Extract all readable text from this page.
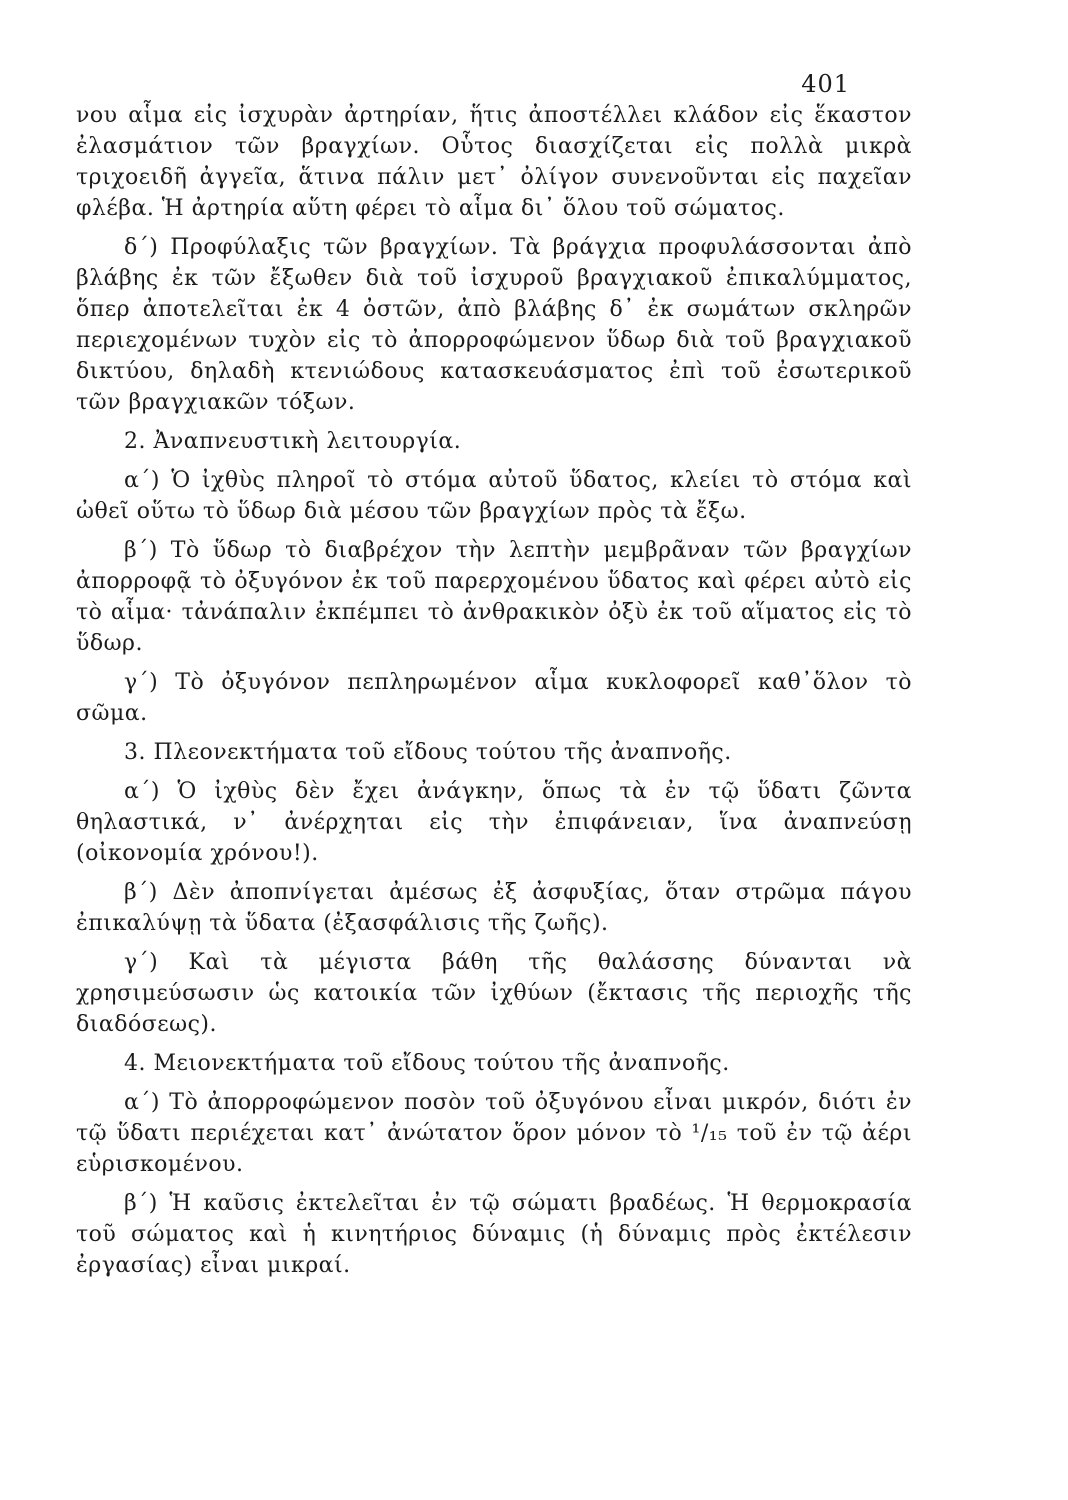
401

νου αἷμα εἰς ἰσχυρὰν ἀρτηρίαν, ἥτις ἀποστέλλει κλάδον εἰς ἕκαστον ἐλασμάτιον τῶν βραγχίων. Οὗτος διασχίζεται εἰς πολλὰ μικρὰ τριχοειδῆ ἀγγεῖα, ἅτινα πάλιν μετ᾽ ὀλίγον συνενοῦνται εἰς παχεῖαν φλέβα. Ἡ ἀρτηρία αὕτη φέρει τὸ αἷμα δι᾽ ὅλου τοῦ σώματος.

δ´) Προφύλαξις τῶν βραγχίων. Τὰ βράγχια προφυλάσσονται ἀπὸ βλάβης ἐκ τῶν ἔξωθεν διὰ τοῦ ἰσχυροῦ βραγχιακοῦ ἐπικαλύμματος, ὅπερ ἀποτελεῖται ἐκ 4 ὀστῶν, ἀπὸ βλάβης δ᾽ ἐκ σωμάτων σκληρῶν περιεχομένων τυχὸν εἰς τὸ ἀπορροφώμενον ὕδωρ διὰ τοῦ βραγχιακοῦ δικτύου, δηλαδὴ κτενιώδους κατασκευάσματος ἐπὶ τοῦ ἐσωτερικοῦ τῶν βραγχιακῶν τόξων.

2. Ἀναπνευστικὴ λειτουργία.

α´) Ὁ ἰχθὺς πληροῖ τὸ στόμα αὐτοῦ ὕδατος, κλείει τὸ στόμα καὶ ὠθεῖ οὕτω τὸ ὕδωρ διὰ μέσου τῶν βραγχίων πρὸς τὰ ἔξω.

β´) Τὸ ὕδωρ τὸ διαβρέχον τὴν λεπτὴν μεμβρᾶναν τῶν βραγχίων ἀπορροφᾷ τὸ ὀξυγόνον ἐκ τοῦ παρερχομένου ὕδατος καὶ φέρει αὐτὸ εἰς τὸ αἷμα· τἀνάπαλιν ἐκπέμπει τὸ ἀνθρακικὸν ὀξὺ ἐκ τοῦ αἵματος εἰς τὸ ὕδωρ.

γ´) Τὸ ὀξυγόνον πεπληρωμένον αἷμα κυκλοφορεῖ καθ᾽ὅλον τὸ σῶμα.

3. Πλεονεκτήματα τοῦ εἴδους τούτου τῆς ἀναπνοῆς.

α´) Ὁ ἰχθὺς δὲν ἔχει ἀνάγκην, ὅπως τὰ ἐν τῷ ὕδατι ζῶντα θηλαστικά, ν᾽ ἀνέρχηται εἰς τὴν ἐπιφάνειαν, ἵνα ἀναπνεύσῃ (οἰκονομία χρόνου!).

β´) Δὲν ἀποπνίγεται ἀμέσως ἐξ ἀσφυξίας, ὅταν στρῶμα πάγου ἐπικαλύψῃ τὰ ὕδατα (ἐξασφάλισις τῆς ζωῆς).

γ´) Καὶ τὰ μέγιστα βάθη τῆς θαλάσσης δύνανται νὰ χρησιμεύσωσιν ὡς κατοικία τῶν ἰχθύων (ἔκτασις τῆς περιοχῆς τῆς διαδόσεως).

4. Μειονεκτήματα τοῦ εἴδους τούτου τῆς ἀναπνοῆς.

α´) Τὸ ἀπορροφώμενον ποσὸν τοῦ ὀξυγόνου εἶναι μικρόν, διότι ἐν τῷ ὕδατι περιέχεται κατ᾽ ἀνώτατον ὅρον μόνον τὸ ¹/₁₅ τοῦ ἐν τῷ ἀέρι εὑρισκομένου.

β´) Ἡ καῦσις ἐκτελεῖται ἐν τῷ σώματι βραδέως. Ἡ θερμοκρασία τοῦ σώματος καὶ ἡ κινητήριος δύναμις (ἡ δύναμις πρὸς ἐκτέλεσιν ἐργασίας) εἶναι μικραί.
